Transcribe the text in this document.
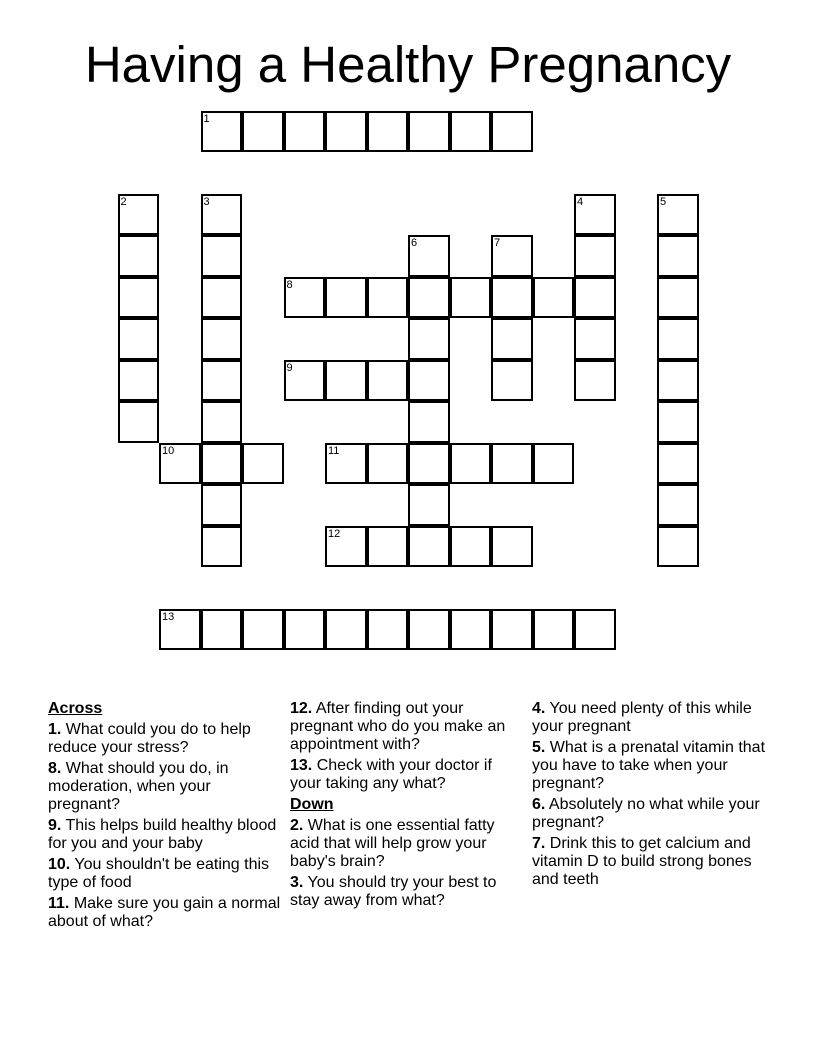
Having a Healthy Pregnancy
1
2	3	4	5
6	7
8
9
10	11
12
13
Across
1. What could you do to help reduce your stress?
8. What should you do, in moderation, when your pregnant?
9. This helps build healthy blood for you and your baby
10. You shouldn't be eating this type of food
11. Make sure you gain a normal about of what?
12. After finding out your pregnant who do you make an appointment with?
13. Check with your doctor if your taking any what?
Down
2. What is one essential fatty acid that will help grow your baby's brain?
3. You should try your best to stay away from what?
4. You need plenty of this while your pregnant
5. What is a prenatal vitamin that you have to take when your pregnant?
6. Absolutely no what while your pregnant?
7. Drink this to get calcium and vitamin D to build strong bones and teeth
